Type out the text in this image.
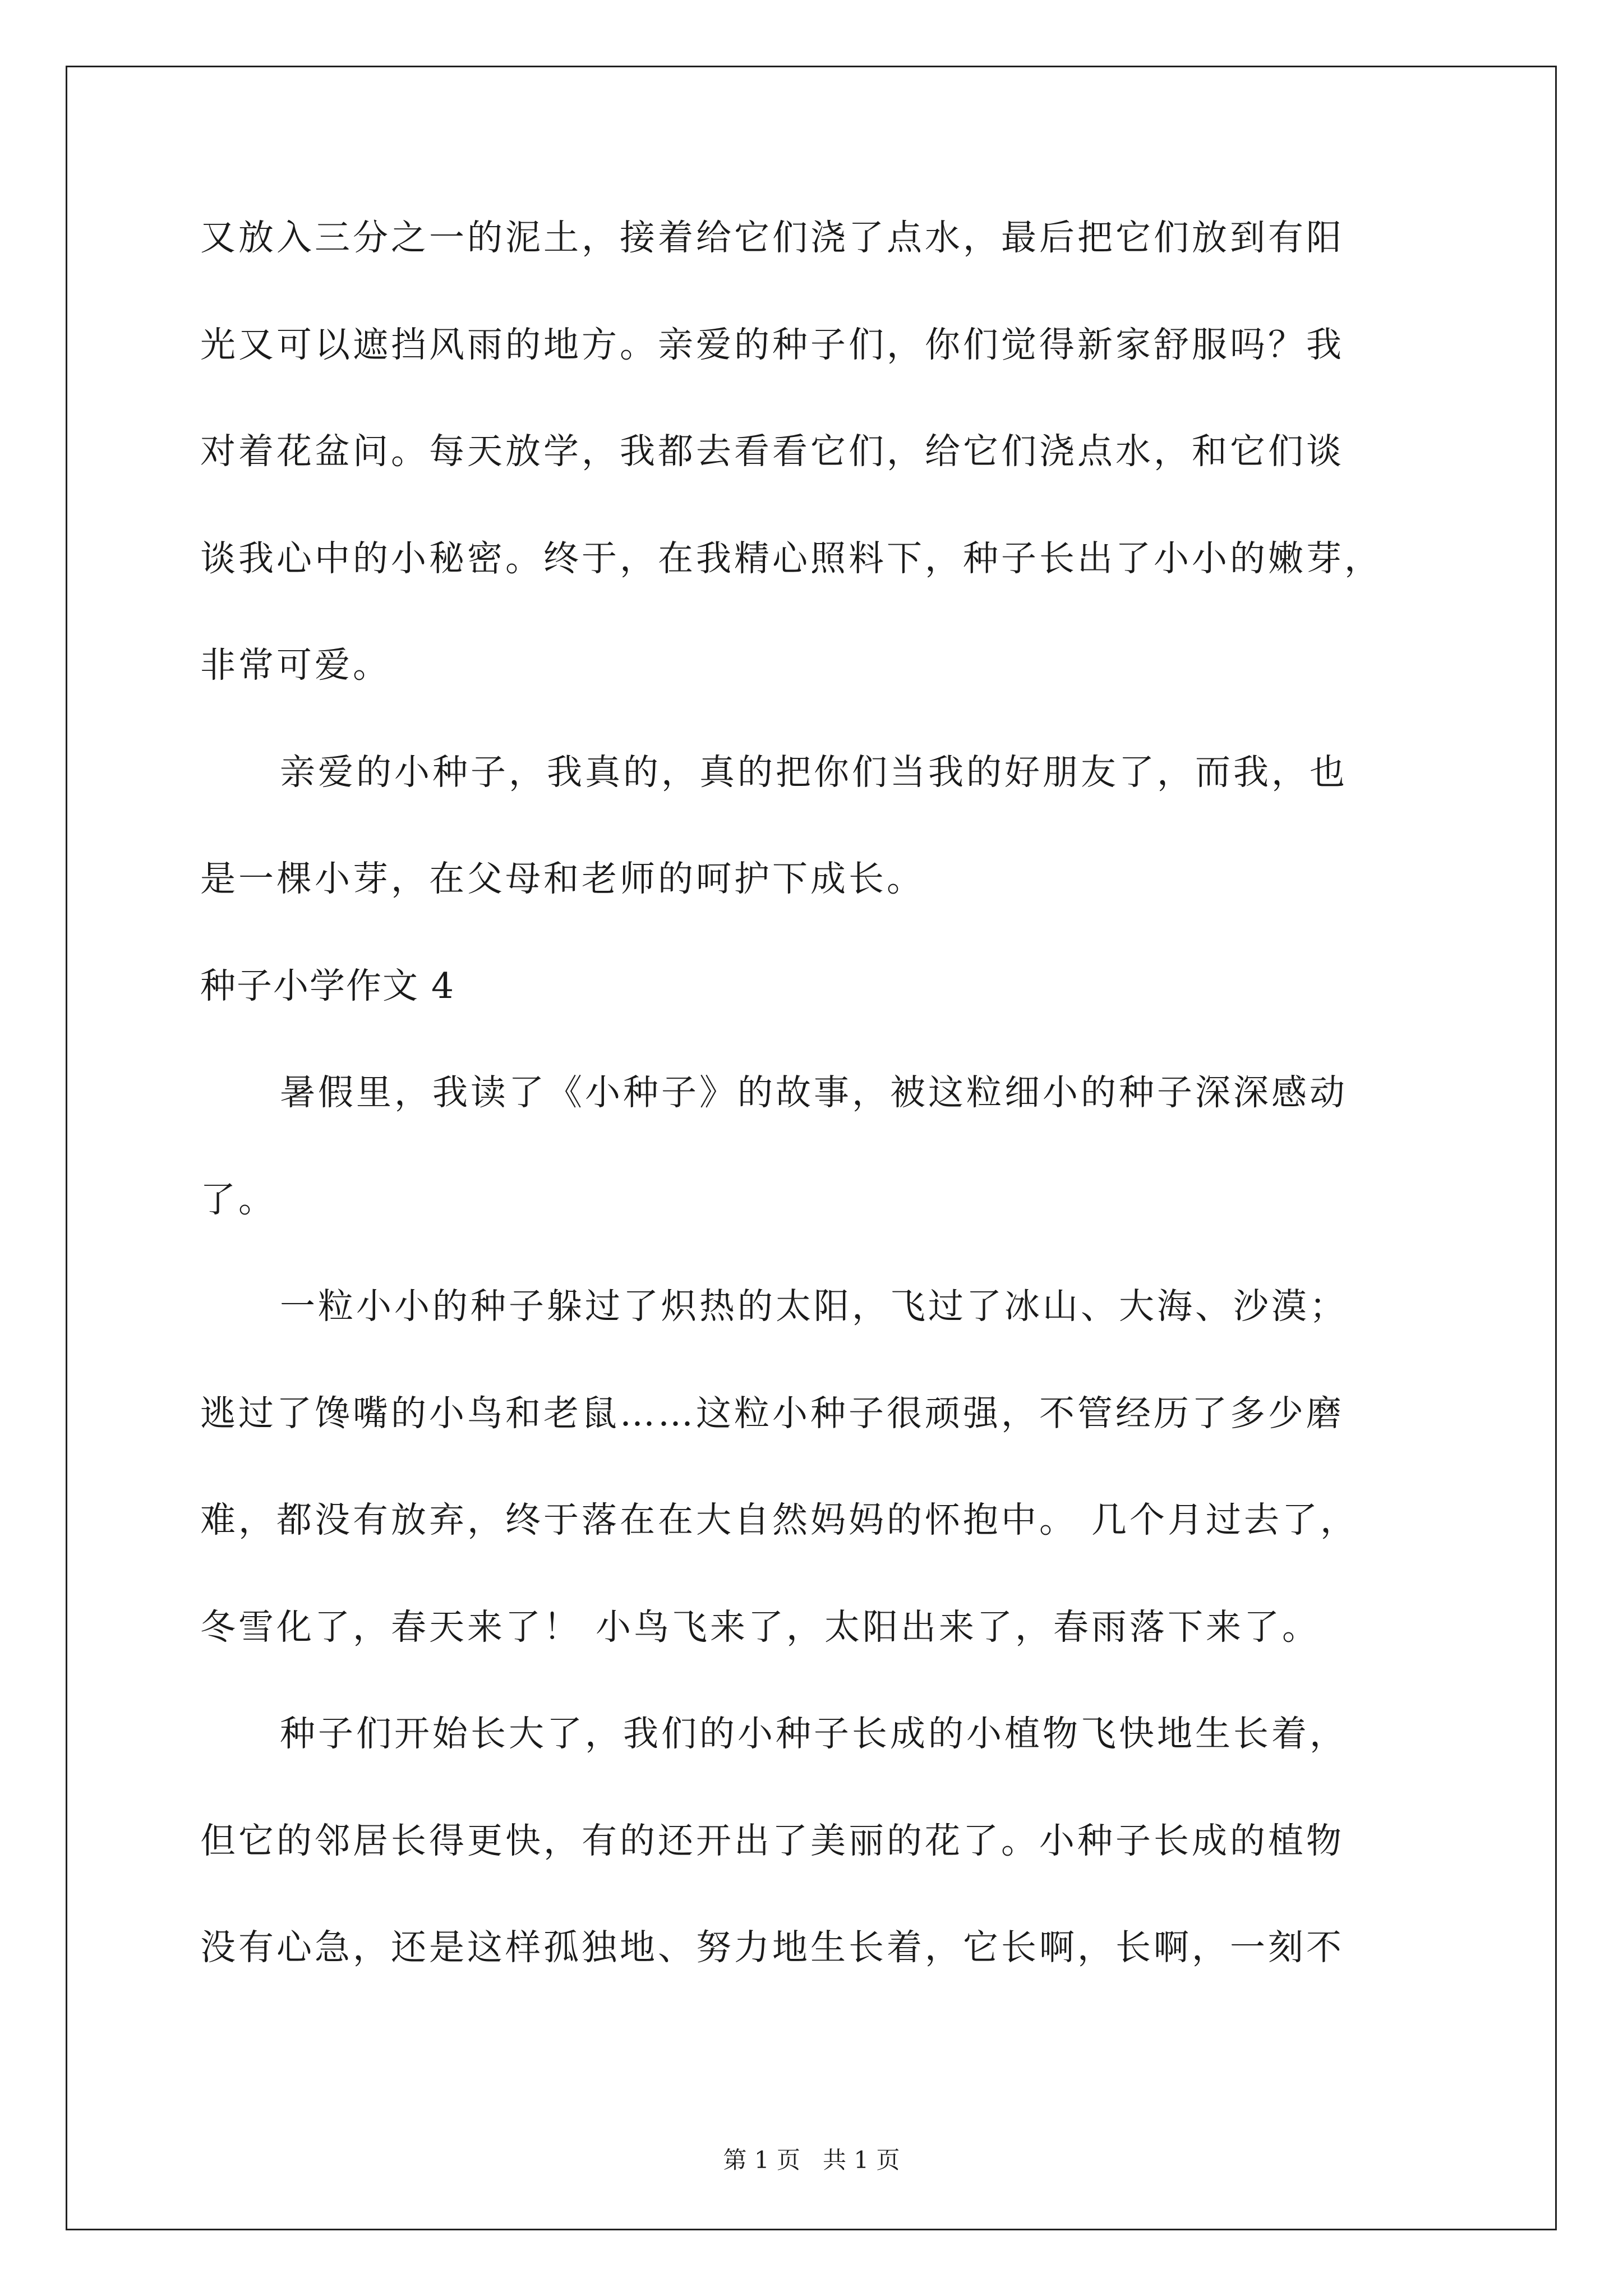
又放入三分之一的泥土，接着给它们浇了点水，最后把它们放到有阳
光又可以遮挡风雨的地方。亲爱的种子们，你们觉得新家舒服吗？我
对着花盆问。每天放学，我都去看看它们，给它们浇点水，和它们谈
谈我心中的小秘密。终于，在我精心照料下，种子长出了小小的嫩芽，
非常可爱。
亲爱的小种子，我真的，真的把你们当我的好朋友了，而我，也
是一棵小芽，在父母和老师的呵护下成长。
种子小学作文 4
暑假里，我读了《小种子》的故事，被这粒细小的种子深深感动
了。
一粒小小的种子躲过了炽热的太阳，飞过了冰山、大海、沙漠；
逃过了馋嘴的小鸟和老鼠……这粒小种子很顽强，不管经历了多少磨
难，都没有放弃，终于落在在大自然妈妈的怀抱中。 几个月过去了，
冬雪化了，春天来了！ 小鸟飞来了，太阳出来了，春雨落下来了。
种子们开始长大了，我们的小种子长成的小植物飞快地生长着，
但它的邻居长得更快，有的还开出了美丽的花了。小种子长成的植物
没有心急，还是这样孤独地、努力地生长着，它长啊，长啊，一刻不
第 1 页   共 1 页
